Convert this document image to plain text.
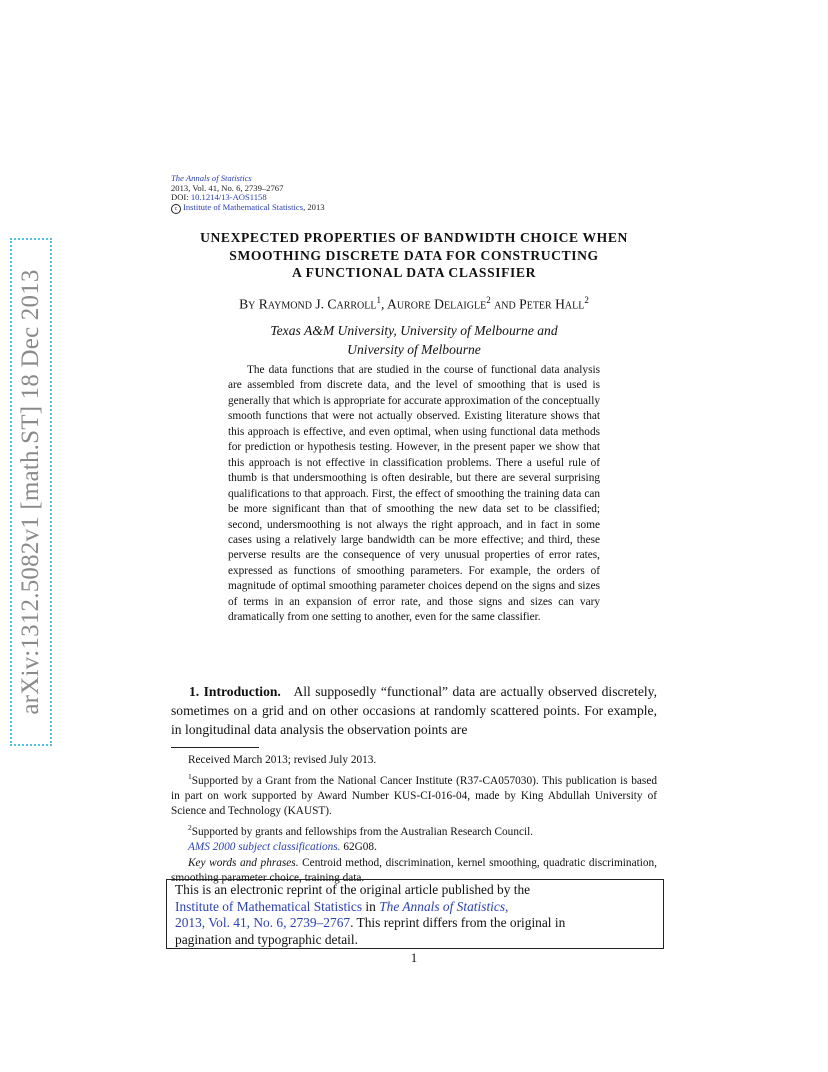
arXiv:1312.5082v1 [math.ST] 18 Dec 2013
The Annals of Statistics
2013, Vol. 41, No. 6, 2739–2767
DOI: 10.1214/13-AOS1158
c Institute of Mathematical Statistics, 2013
UNEXPECTED PROPERTIES OF BANDWIDTH CHOICE WHEN
SMOOTHING DISCRETE DATA FOR CONSTRUCTING
A FUNCTIONAL DATA CLASSIFIER
By Raymond J. Carroll$^1$, Aurore Delaigle$^2$ and Peter Hall$^2$
Texas A&M University, University of Melbourne and
University of Melbourne
The data functions that are studied in the course of functional data analysis are assembled from discrete data, and the level of smoothing that is used is generally that which is appropriate for accurate approximation of the conceptually smooth functions that were not actually observed. Existing literature shows that this approach is effective, and even optimal, when using functional data methods for prediction or hypothesis testing. However, in the present paper we show that this approach is not effective in classification problems. There a useful rule of thumb is that undersmoothing is often desirable, but there are several surprising qualifications to that approach. First, the effect of smoothing the training data can be more significant than that of smoothing the new data set to be classified; second, undersmoothing is not always the right approach, and in fact in some cases using a relatively large bandwidth can be more effective; and third, these perverse results are the consequence of very unusual properties of error rates, expressed as functions of smoothing parameters. For example, the orders of magnitude of optimal smoothing parameter choices depend on the signs and sizes of terms in an expansion of error rate, and those signs and sizes can vary dramatically from one setting to another, even for the same classifier.
1. Introduction. All supposedly “functional” data are actually observed discretely, sometimes on a grid and on other occasions at randomly scattered points. For example, in longitudinal data analysis the observation points are

Received March 2013; revised July 2013.

$^1$Supported by a Grant from the National Cancer Institute (R37-CA057030). This publication is based in part on work supported by Award Number KUS-CI-016-04, made by King Abdullah University of Science and Technology (KAUST).

$^2$Supported by grants and fellowships from the Australian Research Council.

AMS 2000 subject classifications. 62G08.

Key words and phrases. Centroid method, discrimination, kernel smoothing, quadratic discrimination, smoothing parameter choice, training data.

This is an electronic reprint of the original article published by the
Institute of Mathematical Statistics in The Annals of Statistics,
2013, Vol. 41, No. 6, 2739–2767. This reprint differs from the original in
pagination and typographic detail.
1
